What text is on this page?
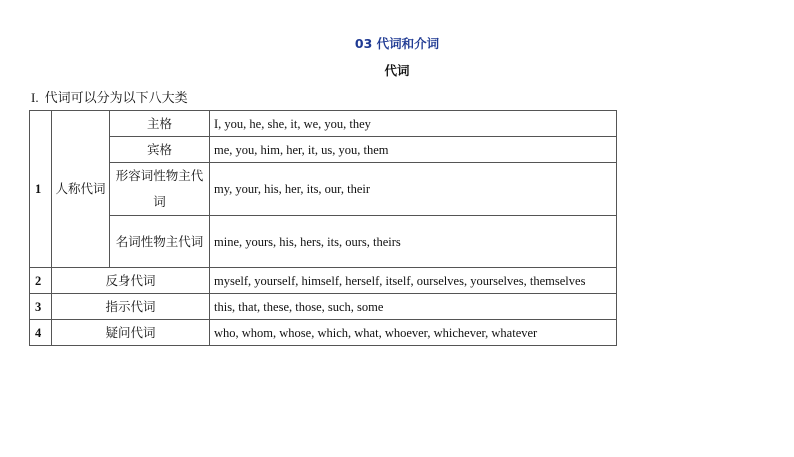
03 代词和介词
代词
I. 代词可以分为以下八大类
1	人称代词	主格	I, you, he, she, it, we, you, they
		宾格	me, you, him, her, it, us, you, them
		形容词性物主代词	my, your, his, her, its, our, their
		名词性物主代词	mine, yours, his, hers, its, ours, theirs
2	反身代词		myself, yourself, himself, herself, itself, ourselves, yourselves, themselves
3	指示代词		this, that, these, those, such, some
4	疑问代词		who, whom, whose, which, what, whoever, whichever, whatever
